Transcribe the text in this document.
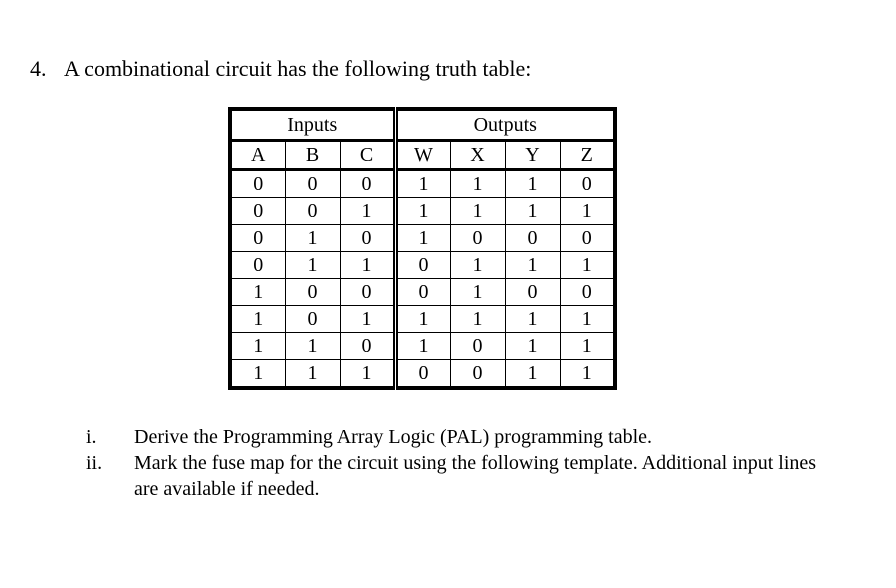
4. A combinational circuit has the following truth table:
Inputs			Outputs			
A	B	C	W	X	Y	Z
0	0	0	1	1	1	0
0	0	1	1	1	1	1
0	1	0	1	0	0	0
0	1	1	0	1	1	1
1	0	0	0	1	0	0
1	0	1	1	1	1	1
1	1	0	1	0	1	1
1	1	1	0	0	1	1
i.	Derive the Programming Array Logic (PAL) programming table.
ii.	Mark the fuse map for the circuit using the following template. Additional input lines are available if needed.
